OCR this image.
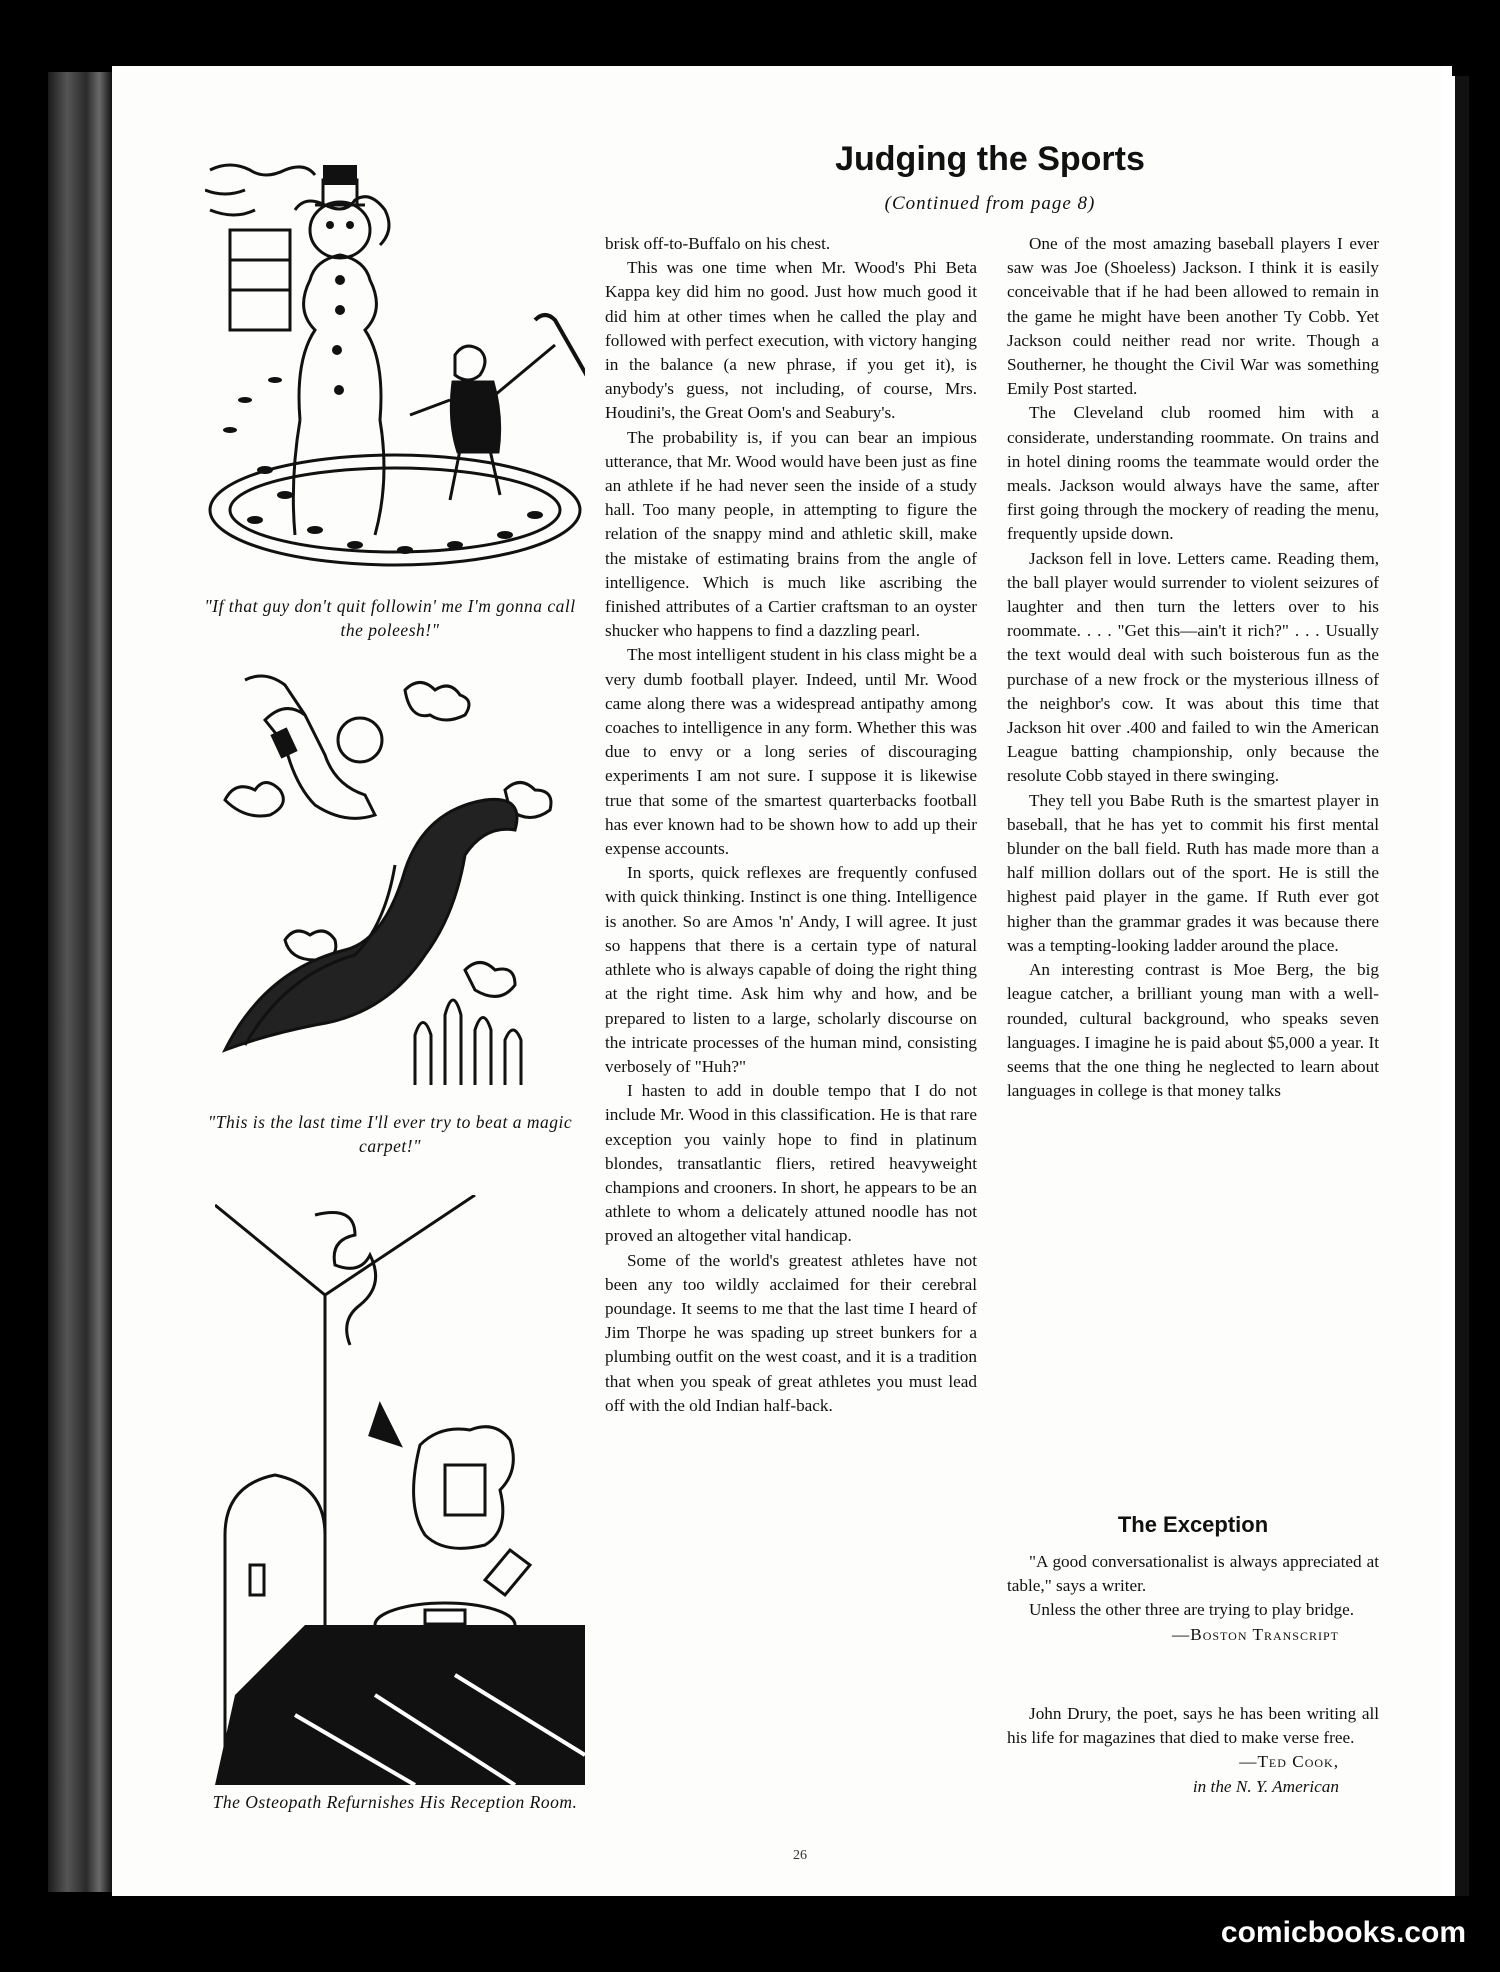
"If that guy don't quit followin' me I'm gonna call the poleesh!"
"This is the last time I'll ever try to beat a magic carpet!"
The Osteopath Refurnishes His Reception Room.
Judging the Sports
(Continued from page 8)

brisk off-to-Buffalo on his chest.

This was one time when Mr. Wood's Phi Beta Kappa key did him no good. Just how much good it did him at other times when he called the play and followed with perfect execution, with victory hanging in the balance (a new phrase, if you get it), is anybody's guess, not including, of course, Mrs. Houdini's, the Great Oom's and Seabury's.

The probability is, if you can bear an impious utterance, that Mr. Wood would have been just as fine an athlete if he had never seen the inside of a study hall. Too many people, in attempting to figure the relation of the snappy mind and athletic skill, make the mistake of estimating brains from the angle of intelligence. Which is much like ascribing the finished attributes of a Cartier craftsman to an oyster shucker who happens to find a dazzling pearl.

The most intelligent student in his class might be a very dumb football player. Indeed, until Mr. Wood came along there was a widespread antipathy among coaches to intelligence in any form. Whether this was due to envy or a long series of discouraging experiments I am not sure. I suppose it is likewise true that some of the smartest quarterbacks football has ever known had to be shown how to add up their expense accounts.

In sports, quick reflexes are frequently confused with quick thinking. Instinct is one thing. Intelligence is another. So are Amos 'n' Andy, I will agree. It just so happens that there is a certain type of natural athlete who is always capable of doing the right thing at the right time. Ask him why and how, and be prepared to listen to a large, scholarly discourse on the intricate processes of the human mind, consisting verbosely of "Huh?"

I hasten to add in double tempo that I do not include Mr. Wood in this classification. He is that rare exception you vainly hope to find in platinum blondes, transatlantic fliers, retired heavyweight champions and crooners. In short, he appears to be an athlete to whom a delicately attuned noodle has not proved an altogether vital handicap.

Some of the world's greatest athletes have not been any too wildly acclaimed for their cerebral poundage. It seems to me that the last time I heard of Jim Thorpe he was spading up street bunkers for a plumbing outfit on the west coast, and it is a tradition that when you speak of great athletes you must lead off with the old Indian half-back.

One of the most amazing baseball players I ever saw was Joe (Shoeless) Jackson. I think it is easily conceivable that if he had been allowed to remain in the game he might have been another Ty Cobb. Yet Jackson could neither read nor write. Though a Southerner, he thought the Civil War was something Emily Post started.

The Cleveland club roomed him with a considerate, understanding roommate. On trains and in hotel dining rooms the teammate would order the meals. Jackson would always have the same, after first going through the mockery of reading the menu, frequently upside down.

Jackson fell in love. Letters came. Reading them, the ball player would surrender to violent seizures of laughter and then turn the letters over to his roommate. . . . "Get this—ain't it rich?" . . . Usually the text would deal with such boisterous fun as the purchase of a new frock or the mysterious illness of the neighbor's cow. It was about this time that Jackson hit over .400 and failed to win the American League batting championship, only because the resolute Cobb stayed in there swinging.

They tell you Babe Ruth is the smartest player in baseball, that he has yet to commit his first mental blunder on the ball field. Ruth has made more than a half million dollars out of the sport. He is still the highest paid player in the game. If Ruth ever got higher than the grammar grades it was because there was a tempting-looking ladder around the place.

An interesting contrast is Moe Berg, the big league catcher, a brilliant young man with a well-rounded, cultural background, who speaks seven languages. I imagine he is paid about $5,000 a year. It seems that the one thing he neglected to learn about languages in college is that money talks

The Exception

"A good conversationalist is always appreciated at table," says a writer.

Unless the other three are trying to play bridge.

—Boston Transcript

John Drury, the poet, says he has been writing all his life for magazines that died to make verse free.

—Ted Cook,
in the N. Y. American
26
comicbooks.com
